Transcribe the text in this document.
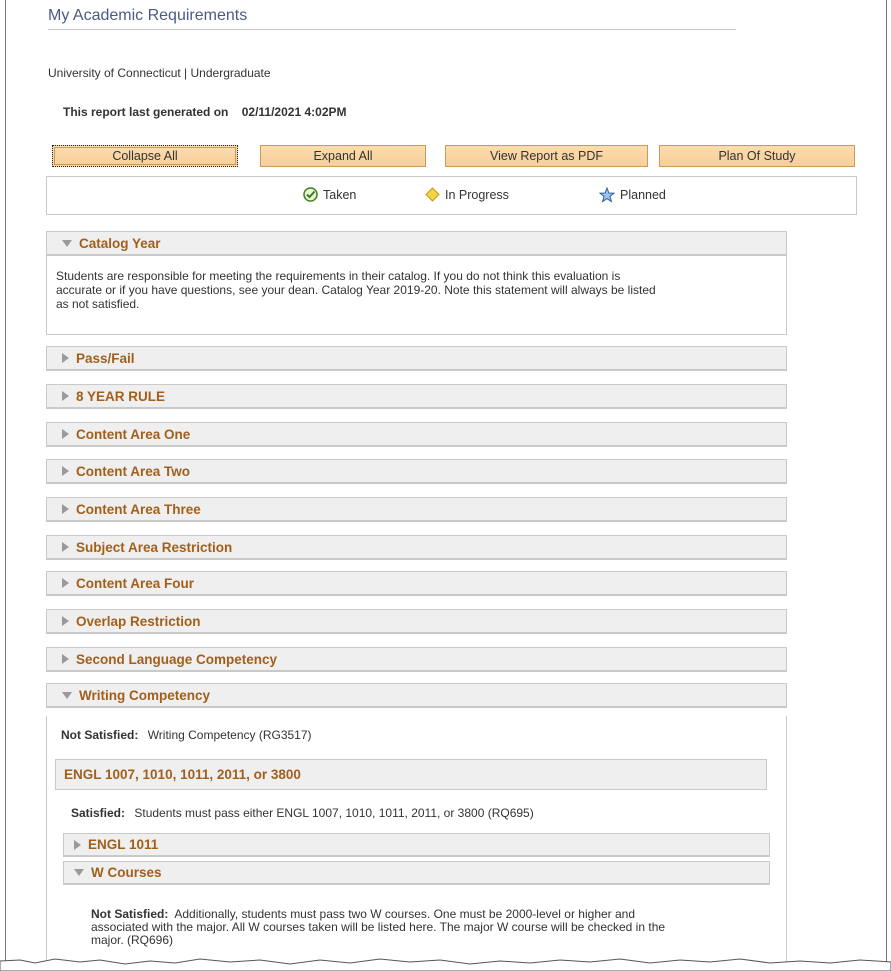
My Academic Requirements
University of Connecticut | Undergraduate
This report last generated on 02/11/2021 4:02PM
Collapse All	Expand All	View Report as PDF	Plan Of Study
Taken	In Progress	Planned
Catalog Year
Students are responsible for meeting the requirements in their catalog. If you do not think this evaluation is accurate or if you have questions, see your dean. Catalog Year 2019-20. Note this statement will always be listed as not satisfied.
Pass/Fail
8 YEAR RULE
Content Area One
Content Area Two
Content Area Three
Subject Area Restriction
Content Area Four
Overlap Restriction
Second Language Competency
Writing Competency
Not Satisfied: Writing Competency (RG3517)
ENGL 1007, 1010, 1011, 2011, or 3800
Satisfied: Students must pass either ENGL 1007, 1010, 1011, 2011, or 3800 (RQ695)
ENGL 1011
W Courses
Not Satisfied: Additionally, students must pass two W courses. One must be 2000-level or higher and associated with the major. All W courses taken will be listed here. The major W course will be checked in the major. (RQ696)
